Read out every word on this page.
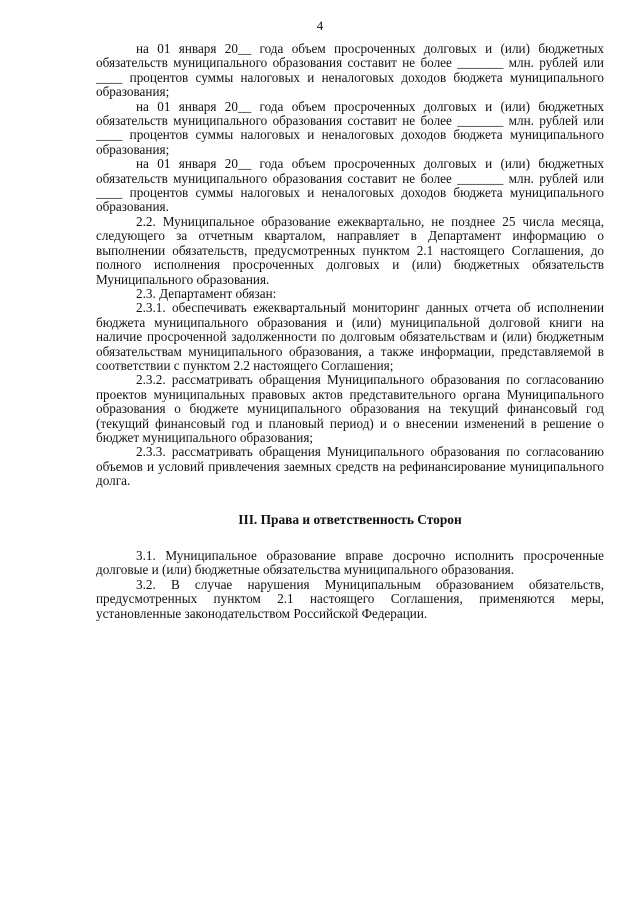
4

на 01 января 20__ года объем просроченных долговых и (или) бюджетных обязательств муниципального образования составит не более _______ млн. рублей или ____ процентов суммы налоговых и неналоговых доходов бюджета муниципального образования;

на 01 января 20__ года объем просроченных долговых и (или) бюджетных обязательств муниципального образования составит не более _______ млн. рублей или ____ процентов суммы налоговых и неналоговых доходов бюджета муниципального образования;

на 01 января 20__ года объем просроченных долговых и (или) бюджетных обязательств муниципального образования составит не более _______ млн. рублей или ____ процентов суммы налоговых и неналоговых доходов бюджета муниципального образования.

2.2. Муниципальное образование ежеквартально, не позднее 25 числа месяца, следующего за отчетным кварталом, направляет в Департамент информацию о выполнении обязательств, предусмотренных пунктом 2.1 настоящего Соглашения, до полного исполнения просроченных долговых и (или) бюджетных обязательств Муниципального образования.

2.3. Департамент обязан:

2.3.1. обеспечивать ежеквартальный мониторинг данных отчета об исполнении бюджета муниципального образования и (или) муниципальной долговой книги на наличие просроченной задолженности по долговым обязательствам и (или) бюджетным обязательствам муниципального образования, а также информации, представляемой в соответствии с пунктом 2.2 настоящего Соглашения;

2.3.2. рассматривать обращения Муниципального образования по согласованию проектов муниципальных правовых актов представительного органа Муниципального образования о бюджете муниципального образования на текущий финансовый год (текущий финансовый год и плановый период) и о внесении изменений в решение о бюджет муниципального образования;

2.3.3. рассматривать обращения Муниципального образования по согласованию объемов и условий привлечения заемных средств на рефинансирование муниципального долга.

III. Права и ответственность Сторон

3.1. Муниципальное образование вправе досрочно исполнить просроченные долговые и (или) бюджетные обязательства муниципального образования.

3.2. В случае нарушения Муниципальным образованием обязательств, предусмотренных пунктом 2.1 настоящего Соглашения, применяются меры, установленные законодательством Российской Федерации.
